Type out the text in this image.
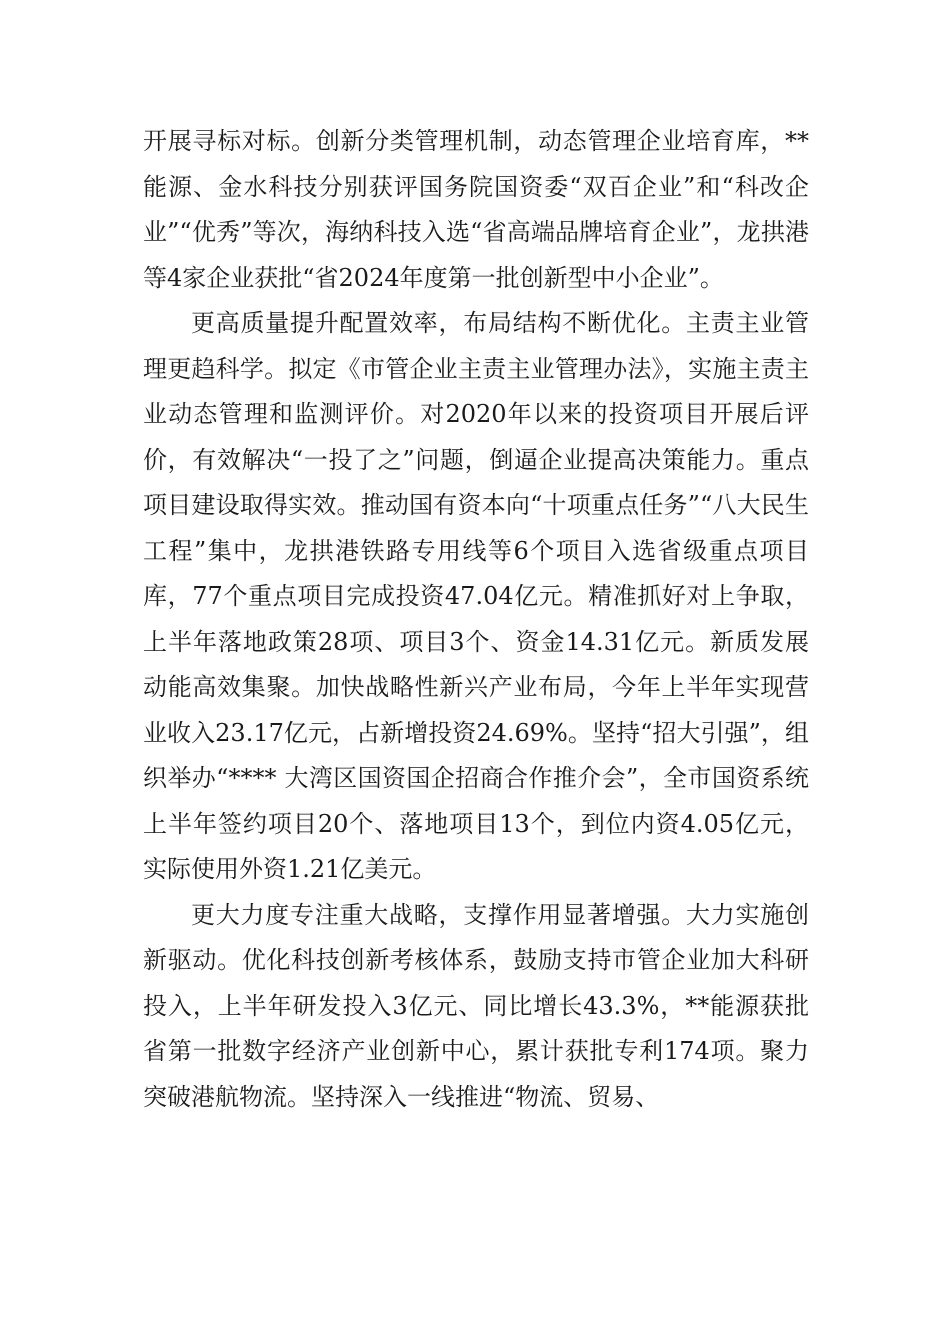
开展寻标对标。创新分类管理机制，动态管理企业培育库，**能源、金水科技分别获评国务院国资委“双百企业”和“科改企业”“优秀”等次，海纳科技入选“省高端品牌培育企业”，龙拱港等4家企业获批“省2024年度第一批创新型中小企业”。

更高质量提升配置效率，布局结构不断优化。主责主业管理更趋科学。拟定《市管企业主责主业管理办法》，实施主责主业动态管理和监测评价。对2020年以来的投资项目开展后评价，有效解决“一投了之”问题，倒逼企业提高决策能力。重点项目建设取得实效。推动国有资本向“十项重点任务”“八大民生工程”集中，龙拱港铁路专用线等6个项目入选省级重点项目库，77个重点项目完成投资47.04亿元。精准抓好对上争取，上半年落地政策28项、项目3个、资金14.31亿元。新质发展动能高效集聚。加快战略性新兴产业布局，今年上半年实现营业收入23.17亿元，占新增投资24.69%。坚持“招大引强”，组织举办“**** 大湾区国资国企招商合作推介会”，全市国资系统上半年签约项目20个、落地项目13个，到位内资4.05亿元，实际使用外资1.21亿美元。

更大力度专注重大战略，支撑作用显著增强。大力实施创新驱动。优化科技创新考核体系，鼓励支持市管企业加大科研投入，上半年研发投入3亿元、同比增长43.3%，**能源获批省第一批数字经济产业创新中心，累计获批专利174项。聚力突破港航物流。坚持深入一线推进“物流、贸易、
